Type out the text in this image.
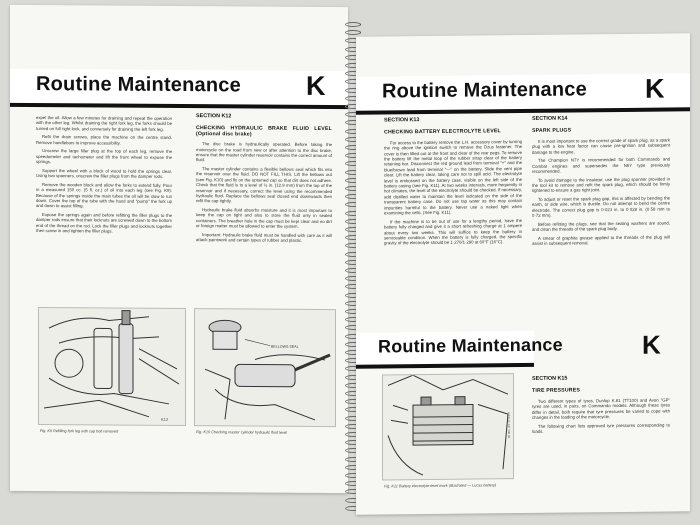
Routine Maintenance K

expel the oil. Allow a few minutes for draining and repeat the operation with the other leg. Whilst draining the right fork leg, the forks should be turned on full right lock, and conversely for draining the left fork leg.

Refit the drain screws, place the machine on the centre stand. Remove handlebars to improve accessibility.

Unscrew the large filler plug at the top of each leg, remove the speedometer and tachometer and lift the front wheel to expose the springs.

Support the wheel with a block of wood to hold the springs clear. Using two spanners, unscrew the filler plugs from the damper rods.

Remove the wooden block and allow the forks to extend fully. Pour in a measured 150 cc. (5 fl. oz.) of oil into each leg (see Fig. K9). Because of the springs inside the main tubes the oil will be slow to run down. Cover the top of the tube with the hand and "pump" the fork up and down to assist filling.

Expose the springs again and before refitting the filler plugs to the damper rods ensure that their locknuts are screwed down to the bottom end of the thread on the rod. Lock the filler plugs and locknuts together then screw in and tighten the filler plugs.

SECTION K12
CHECKING HYDRAULIC BRAKE FLUID LEVEL (Optional disc brake)

The disc brake is hydraulically operated. Before taking the motorcycle on the road from new or after attention to the disc brake, ensure that the master cylinder reservoir contains the correct amount of fluid.

The master cylinder contains a flexible bellows seal which fits into the reservoir over the fluid. DO NOT FILL THIS. Lift the bellows out (see Fig. K10) and fly on the uptumed cap so that dirt does not adhere. Check that the fluid is to a level of ½ in. (12.9 mm) from the top of the reservoir and if necessary, correct the level using the recommended hydraulic fluid. Replace the bellows seal closed end downwards then refit the cap tightly.

Hydraulic brake fluid absorbs moisture and it is most important to keep the cap on tight and also to store the fluid only in sealed containers. The breather hole in the cap must be kept clear and no dirt or foreign matter must be allowed to enter the system.

Important: Hydraulic brake fluid must be handled with care as it will attack paintwork and certain types of rubber and plastic.

K12
Fig. K9 Refilling fork leg with cap bolt removed
BELLOWS SEAL
Fig. K10 Checking master cylinder hydraulic fluid level
Routine Maintenance K
SECTION K13
CHECKING BATTERY ELECTROLYTE LEVEL

For access to the battery remove the L.H. accessory cover by turning the ring above the ignition switch to remove the Dzus fastener. The cover is then lifted out at the front and clear of the rear pegs. To remove the battery lift the metal loop of the rubber strap clear of the battery retaining bar. Disconnect the red ground lead from terminal "+" and the blue/brown lead from terminal "—" on the battery. Slide the vent pipe clear. Lift the battery clear, taking care not to spill acid. The electrolyte level is embossed on the battery case, visible on the left side of the battery casing (see Fig. K11). At two weeks intervals, more frequently in hot climates, the level of the electrolyte should be checked. If necessary, add distilled water to maintain the level indicated on the side of the transparent battery case. Do not use tap water as this may contain impurities harmful to the battery. Never use a naked light when examining the cells. (See Fig. K11).

If the machine is to be out of use for a lengthy period, have the battery fully charged and give it a short refreshing charge at 1 ampere about every two weeks. This will suffice to keep the battery in serviceable condition. When the battery is fully charged, the specific gravity of the electrolyte should be 1·270/1·290 at 60°F (16°C).

SECTION K14
SPARK PLUGS

It is most important to use the correct grade of spark plug, as a spark plug with a low heat factor can cause pre-ignition and subsequent damage to the engine.

The Champion N7Y is recommended for both Commando and Combat engines and supersedes the N6Y type previously recommended.

To avoid damage to the insulator, use the plug spanner provided in the tool kit to remove and refit the spark plug, which should be firmly tightened to ensure a gas right joint.

To adjust or reset the spark plug gap, this is affected by bending the earth, or side wire, which is ductile. Do not attempt to bend the centre electrode. The correct plug gap is 0·023 in. to 0·028 in. (0·58 mm to 0·72 mm).

Before refitting the plugs, see that the sealing washers are sound, and clean the threads of the spark plug body.

A smear of graphite grease applied to the threads of the plug will assist in subsequent removal.

Routine Maintenance
Fig. K11 Battery electrolyte level mark (illustrated — Lucas battery)
A.T.C.O. OF 300 80
K
SECTION K15
TIRE PRESSURES

Two different types of tyres, Dunlop K.81 (TT100) and Avon "GP" tyres are used, in pairs, on Commando models. Although these tyres differ in detail, both require that tyre pressures be varied to cope with changes in the loading of the motorcycle.

The following chart lists approved tyre pressures corresponding to loads.
